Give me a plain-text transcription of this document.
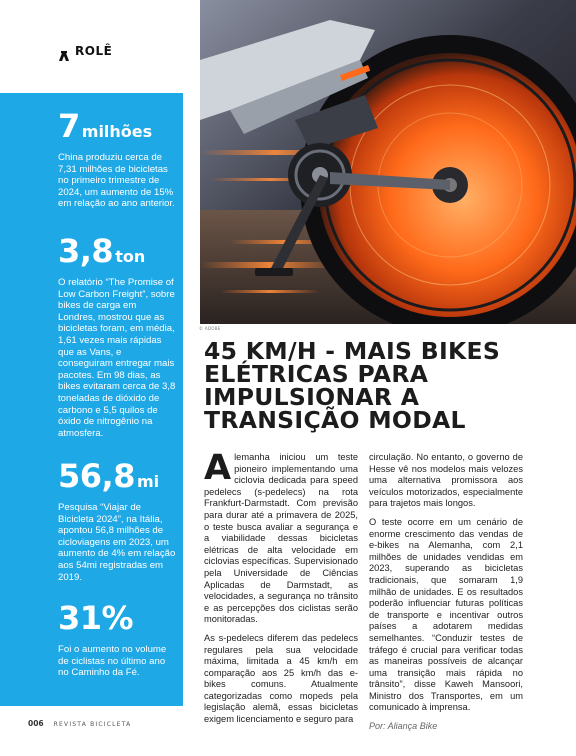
ROLÊ
7 milhões
China produziu cerca de 7,31 milhões de bicicletas no primeiro trimestre de 2024, um aumento de 15% em relação ao ano anterior.
3,8 ton
O relatório “The Promise of Low Carbon Freight”, sobre bikes de carga em Londres, mostrou que as bicicletas foram, em média, 1,61 vezes mais rápidas que as Vans, e conseguiram entregar mais pacotes. Em 98 dias, as bikes evitaram cerca de 3,8 toneladas de dióxido de carbono e 5,5 quilos de óxido de nitrogênio na atmosfera.
56,8 mi
Pesquisa “Viajar de Bicicleta 2024”, na Itália, apontou 56,8 milhões de cicloviagens em 2023, um aumento de 4% em relação aos 54mi registradas em 2019.
31%
Foi o aumento no volume de ciclistas no último ano no Caminho da Fé.
© ADOBE
45 KM/H - MAIS BIKES ELÉTRICAS PARA IMPULSIONAR A TRANSIÇÃO MODAL

Alemanha iniciou um teste pioneiro implementando uma ciclovia dedicada para speed pedelecs (s-pedelecs) na rota Frankfurt-Darmstadt. Com previsão para durar até a primavera de 2025, o teste busca avaliar a segurança e a viabilidade dessas bicicletas elétricas de alta velocidade em ciclovias específicas. Supervisionado pela Universidade de Ciências Aplicadas de Darmstadt, as velocidades, a segurança no trânsito e as percepções dos ciclistas serão monitoradas.

As s-pedelecs diferem das pedelecs regulares pela sua velocidade máxima, limitada a 45 km/h em comparação aos 25 km/h das e-bikes comuns. Atualmente categorizadas como mopeds pela legislação alemã, essas bicicletas exigem licenciamento e seguro para

circulação. No entanto, o governo de Hesse vê nos modelos mais velozes uma alternativa promissora aos veículos motorizados, especialmente para trajetos mais longos.

O teste ocorre em um cenário de enorme crescimento das vendas de e-bikes na Alemanha, com 2,1 milhões de unidades vendidas em 2023, superando as bicicletas tradicionais, que somaram 1,9 milhão de unidades. E os resultados poderão influenciar futuras políticas de transporte e incentivar outros países a adotarem medidas semelhantes. “Conduzir testes de tráfego é crucial para verificar todas as maneiras possíveis de alcançar uma transição mais rápida no trânsito”, disse Kaweh Mansoori, Ministro dos Transportes, em um comunicado à imprensa.

Por: Aliança Bike

006 REVISTA BICICLETA
